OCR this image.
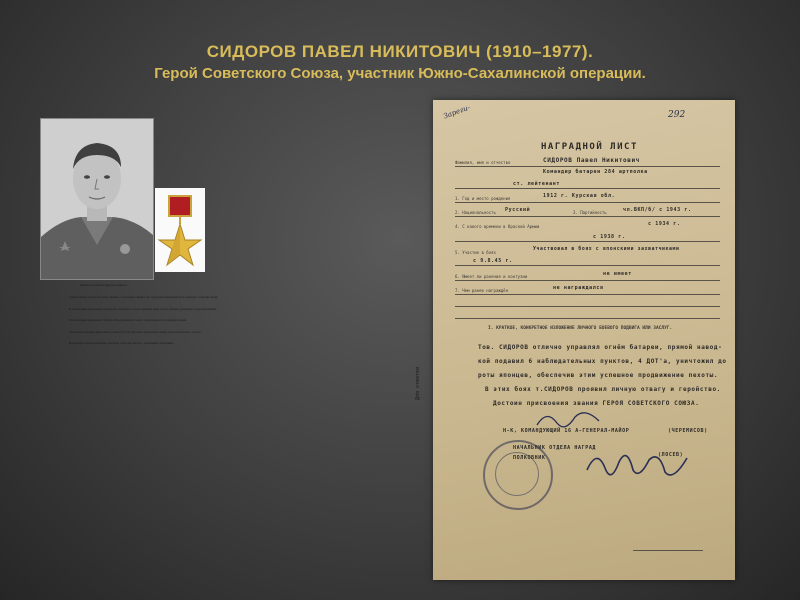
СИДОРОВ ПАВЕЛ НИКИТОВИЧ (1910–1977).
Герой Советского Союза, участник Южно-Сахалинской операции.
Место рождения: Курская область

Судьба Павла Сидорова тесно связана с историей страны, его трудовой и военный путь отражает события эпохи.

В годы войны командовал батареей, отличился в боях, проявив мужество и умение руководить подразделением.

После войны продолжил службу в Вооружённых Силах, затем вернулся к мирной жизни.

Указом Президиума Верховного Совета СССР ему было присвоено звание Героя Советского Союза.

Награждён орденом Ленина, медалью «Золотая Звезда», орденами и медалями.

Зареги-	292
НАГРАДНОЙ ЛИСТ
Фамилия, имя и отчество	СИДОРОВ Павел Никитович
Командир батареи 284 артполка
ст. лейтенант
1. Год и место рождения	1912 г. Курская обл.
2. Национальность Русский	3. Партийность	чл.ВКП/б/ с 1943 г.
4. С какого времени в Красной Армии	с 1934 г.
с 1938 г.
5. Участие в боях
Участвовал в боях с японскими захватчиками
с 9.8.45 г.
6. Имеет ли ранения и контузии	не имеет
7. Чем ранее награждён	не награждался
I. КРАТКОЕ, КОНКРЕТНОЕ ИЗЛОЖЕНИЕ ЛИЧНОГО БОЕВОГО ПОДВИГА ИЛИ ЗАСЛУГ.
Тов. СИДОРОВ отлично управлял огнём батареи, прямой навод-
кой подавил 6 наблюдательных пунктов, 4 ДОТ'а, уничтожил до
роты японцев, обеспечив этим успешное продвижение пехоты.
В этих боях т.СИДОРОВ проявил личную отвагу и геройство.
Достоин присвоения звания ГЕРОЯ СОВЕТСКОГО СОЮЗА.
Для отметки
Н-К, КОМАНДУЮЩИЙ 16 А-ГЕНЕРАЛ-МАЙОР	(ЧЕРЕМИСОВ)
НАЧАЛЬНИК ОТДЕЛА НАГРАД
ПОЛКОВНИК	(ЛОСЕВ)
